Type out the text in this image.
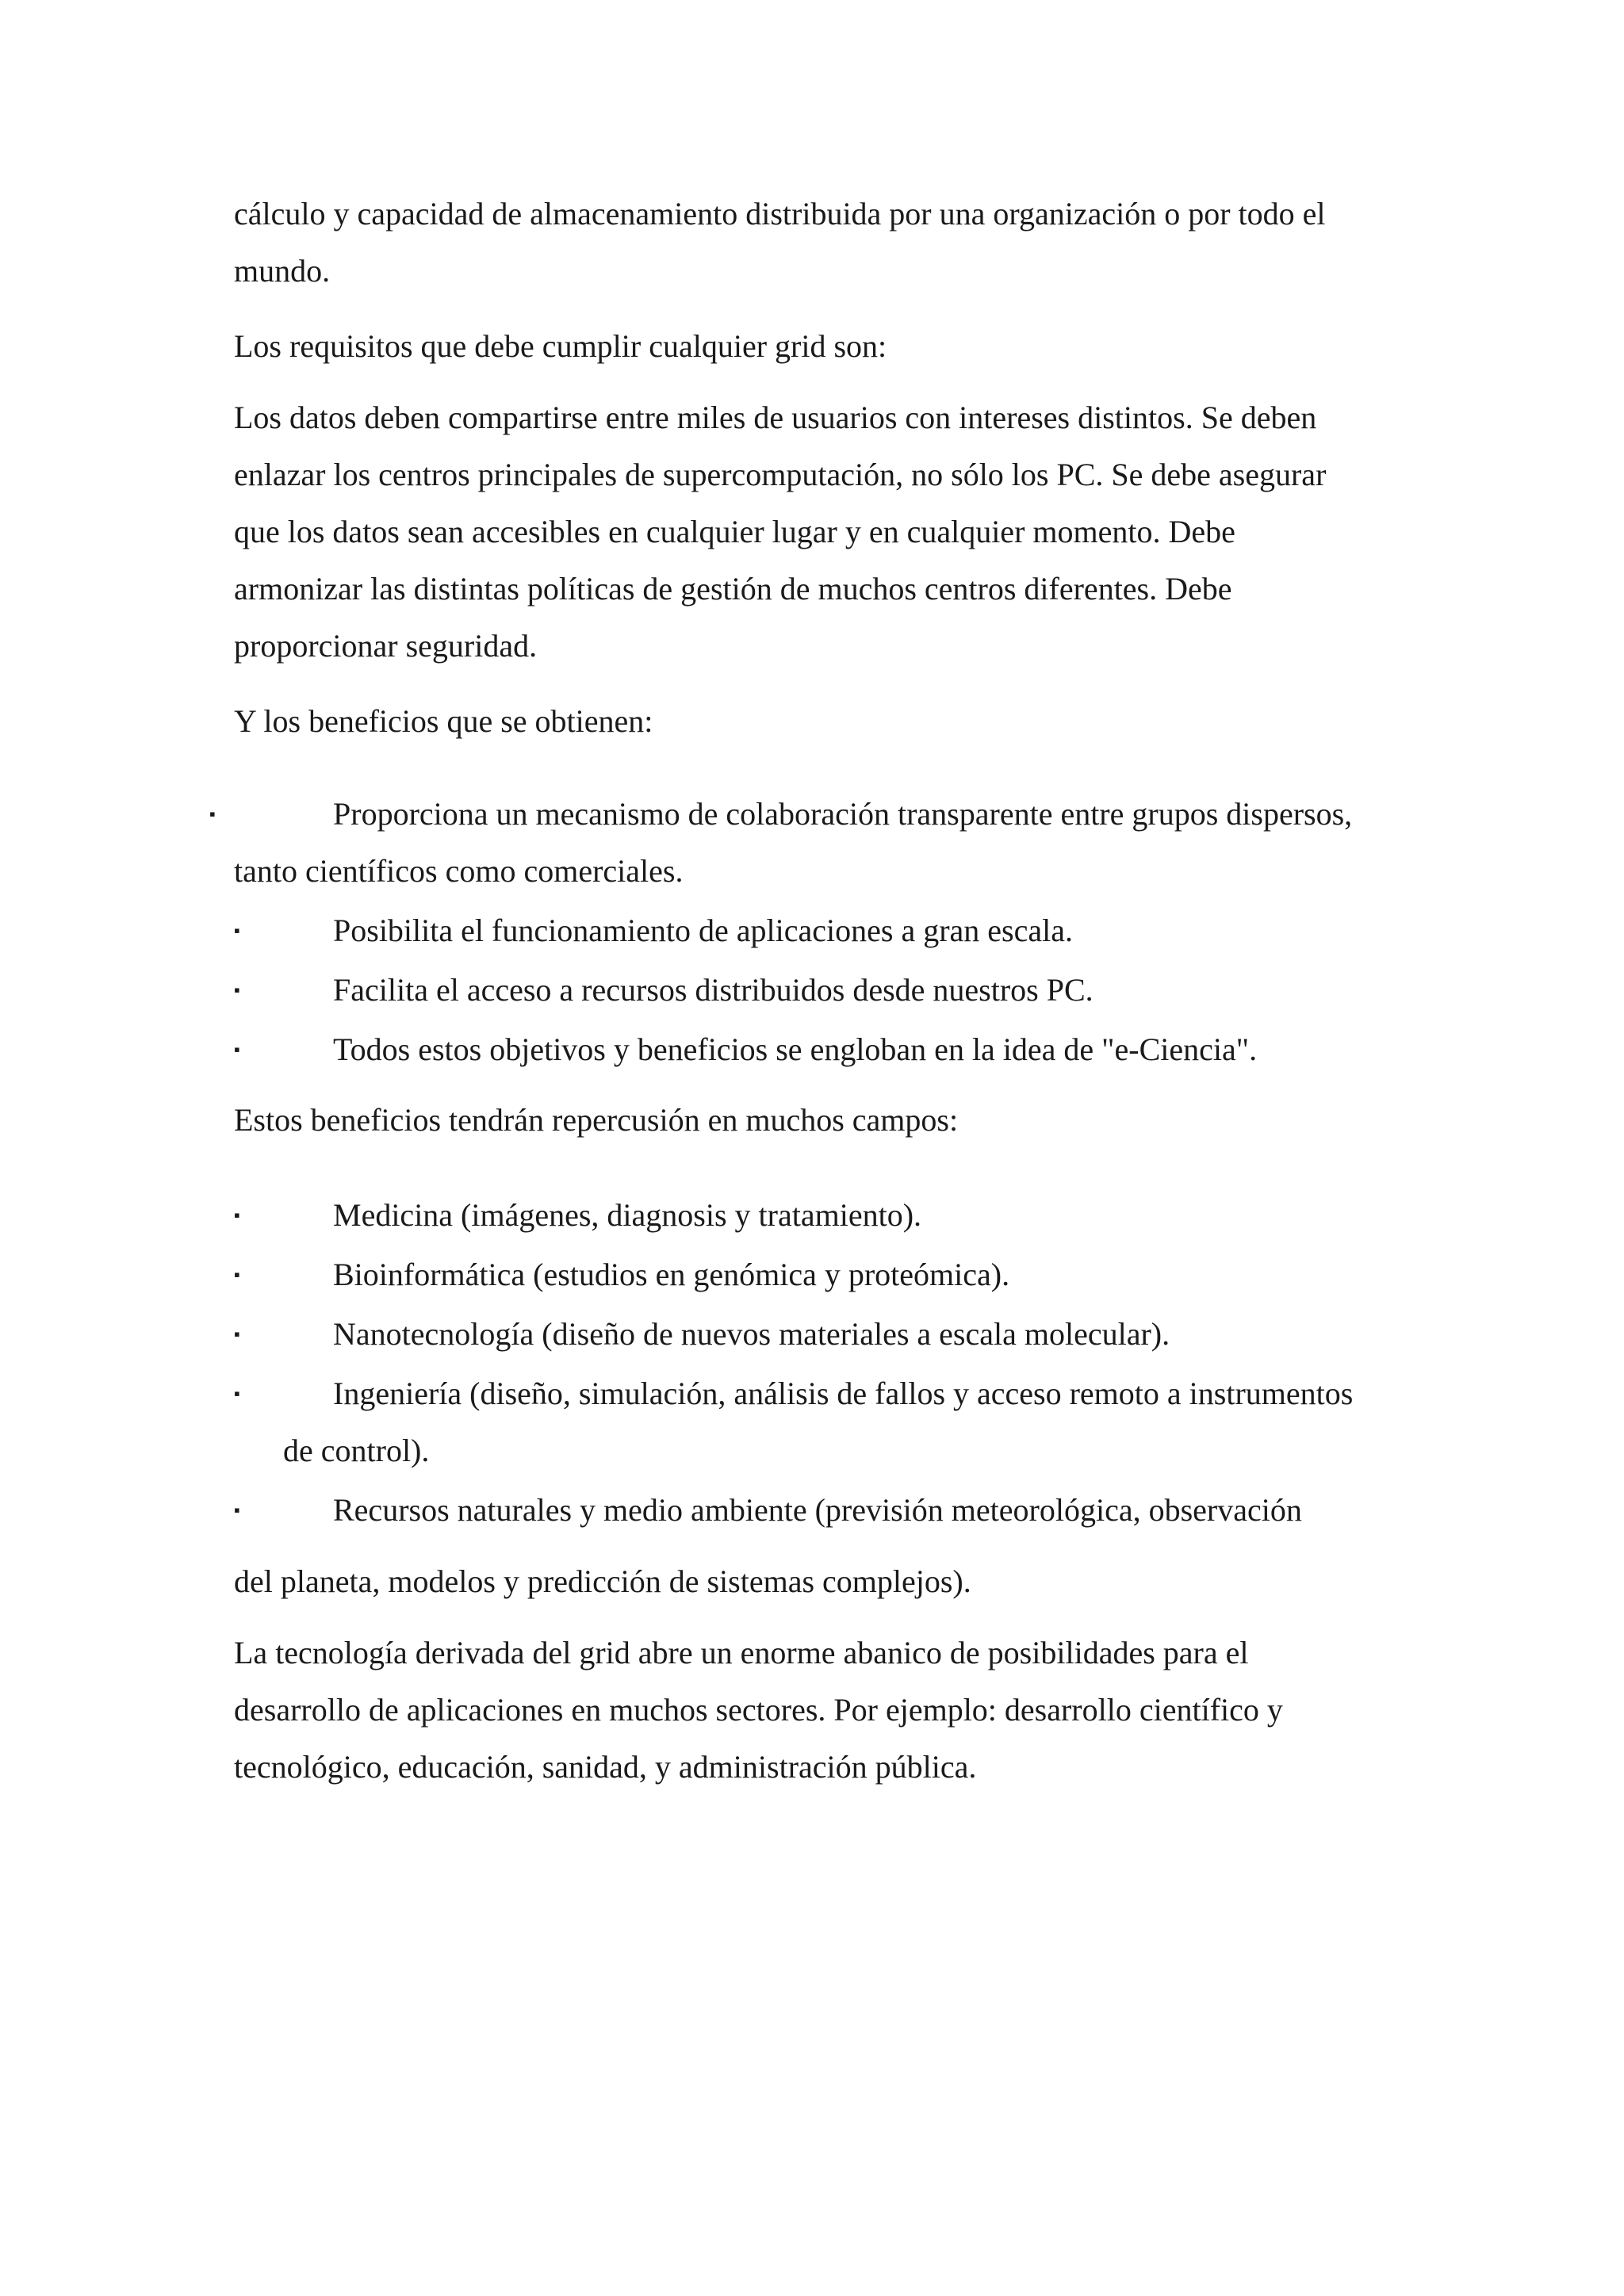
cálculo y capacidad de almacenamiento distribuida por una organización o por todo el
mundo.
Los requisitos que debe cumplir cualquier grid son:
Los datos deben compartirse entre miles de usuarios con intereses distintos. Se deben
enlazar los centros principales de supercomputación, no sólo los PC. Se debe asegurar
que los datos sean accesibles en cualquier lugar y en cualquier momento. Debe
armonizar las distintas políticas de gestión de muchos centros diferentes. Debe
proporcionar seguridad.
Y los beneficios que se obtienen:
▪	Proporciona un mecanismo de colaboración transparente entre grupos dispersos,
tanto científicos como comerciales.
▪	Posibilita el funcionamiento de aplicaciones a gran escala.
▪	Facilita el acceso a recursos distribuidos desde nuestros PC.
▪	Todos estos objetivos y beneficios se engloban en la idea de "e-Ciencia".
Estos beneficios tendrán repercusión en muchos campos:
▪	Medicina (imágenes, diagnosis y tratamiento).
▪	Bioinformática (estudios en genómica y proteómica).
▪	Nanotecnología (diseño de nuevos materiales a escala molecular).
▪	Ingeniería (diseño, simulación, análisis de fallos y acceso remoto a instrumentos
de control).
▪	Recursos naturales y medio ambiente (previsión meteorológica, observación
del planeta, modelos y predicción de sistemas complejos).
La tecnología derivada del grid abre un enorme abanico de posibilidades para el
desarrollo de aplicaciones en muchos sectores. Por ejemplo: desarrollo científico y
tecnológico, educación, sanidad, y administración pública.
